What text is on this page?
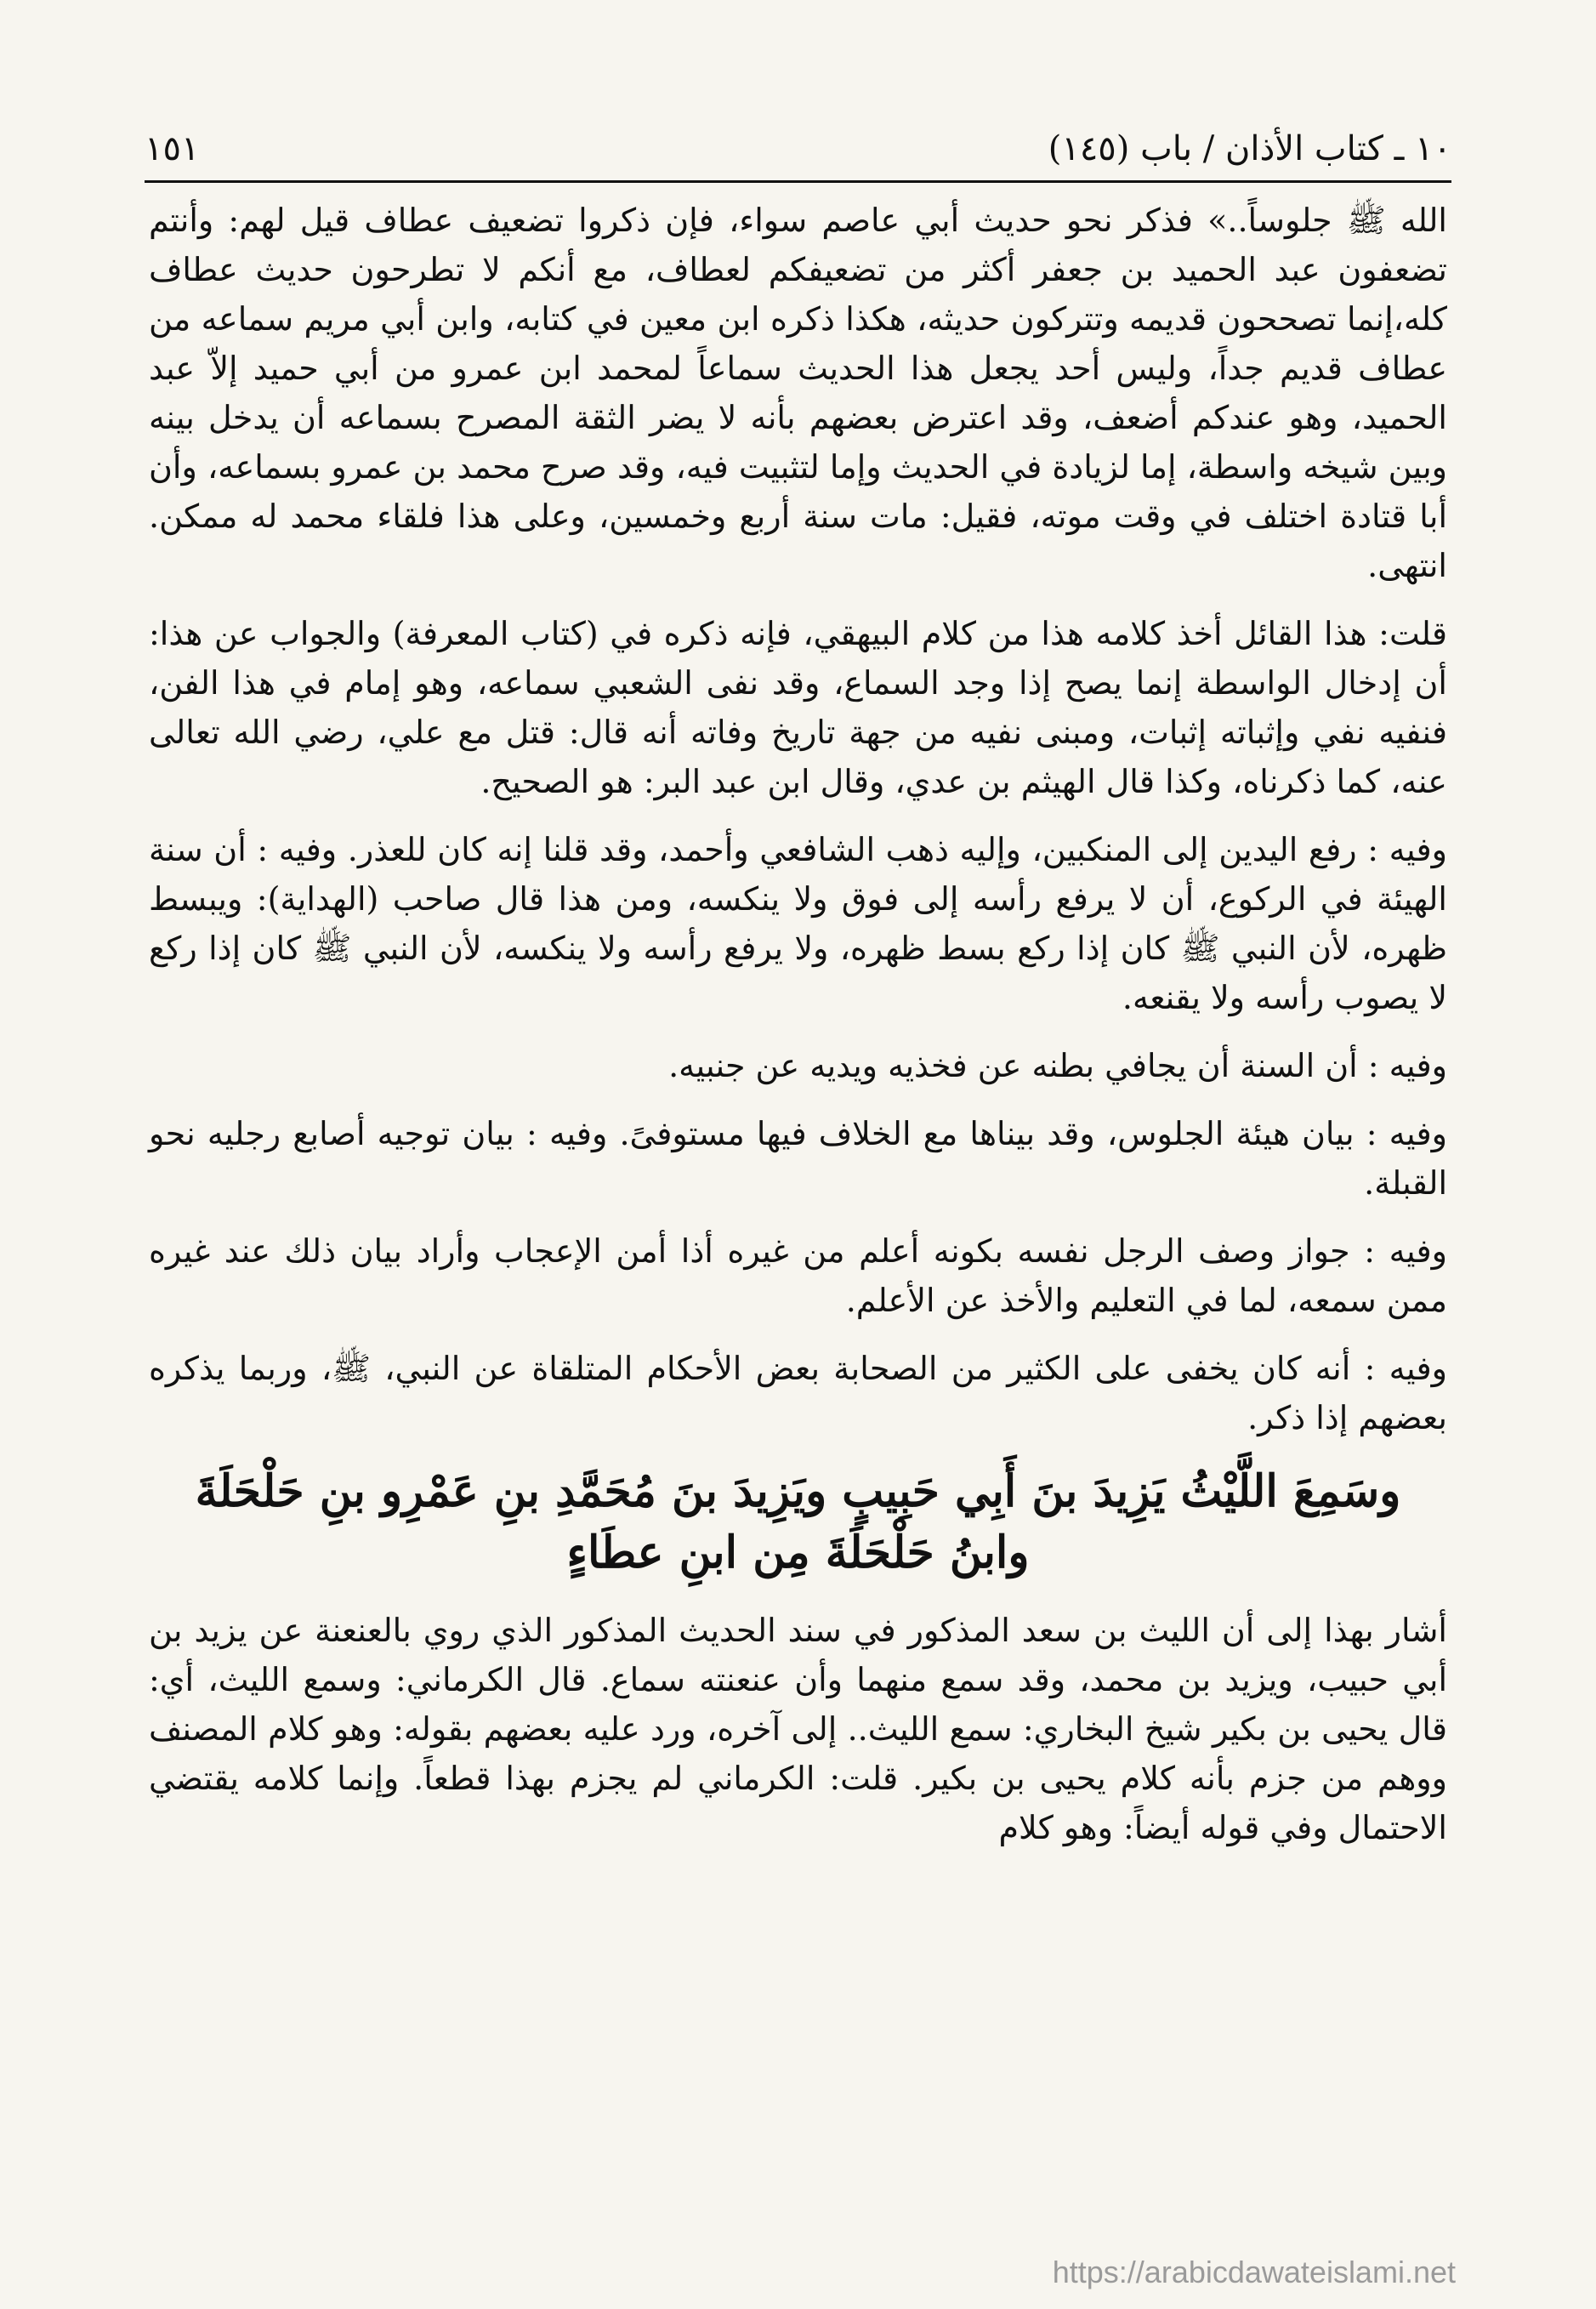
١٠ ـ كتاب الأذان / باب (١٤٥)
١٥١

الله ﷺ جلوساً..» فذكر نحو حديث أبي عاصم سواء، فإن ذكروا تضعيف عطاف قيل لهم: وأنتم تضعفون عبد الحميد بن جعفر أكثر من تضعيفكم لعطاف، مع أنكم لا تطرحون حديث عطاف كله،إنما تصححون قديمه وتتركون حديثه، هكذا ذكره ابن معين في كتابه، وابن أبي مريم سماعه من عطاف قديم جداً، وليس أحد يجعل هذا الحديث سماعاً لمحمد ابن عمرو من أبي حميد إلاّ عبد الحميد، وهو عندكم أضعف، وقد اعترض بعضهم بأنه لا يضر الثقة المصرح بسماعه أن يدخل بينه وبين شيخه واسطة، إما لزيادة في الحديث وإما لتثبيت فيه، وقد صرح محمد بن عمرو بسماعه، وأن أبا قتادة اختلف في وقت موته، فقيل: مات سنة أربع وخمسين، وعلى هذا فلقاء محمد له ممكن. انتهى.

قلت: هذا القائل أخذ كلامه هذا من كلام البيهقي، فإنه ذكره في (كتاب المعرفة) والجواب عن هذا: أن إدخال الواسطة إنما يصح إذا وجد السماع، وقد نفى الشعبي سماعه، وهو إمام في هذا الفن، فنفيه نفي وإثباته إثبات، ومبنى نفيه من جهة تاريخ وفاته أنه قال: قتل مع علي، رضي الله تعالى عنه، كما ذكرناه، وكذا قال الهيثم بن عدي، وقال ابن عبد البر: هو الصحيح.

وفيه : رفع اليدين إلى المنكبين، وإليه ذهب الشافعي وأحمد، وقد قلنا إنه كان للعذر. وفيه : أن سنة الهيئة في الركوع، أن لا يرفع رأسه إلى فوق ولا ينكسه، ومن هذا قال صاحب (الهداية): ويبسط ظهره، لأن النبي ﷺ كان إذا ركع بسط ظهره، ولا يرفع رأسه ولا ينكسه، لأن النبي ﷺ كان إذا ركع لا يصوب رأسه ولا يقنعه.

وفيه : أن السنة أن يجافي بطنه عن فخذيه ويديه عن جنبيه.

وفيه : بيان هيئة الجلوس، وقد بيناها مع الخلاف فيها مستوفىً. وفيه : بيان توجيه أصابع رجليه نحو القبلة.

وفيه : جواز وصف الرجل نفسه بكونه أعلم من غيره أذا أمن الإعجاب وأراد بيان ذلك عند غيره ممن سمعه، لما في التعليم والأخذ عن الأعلم.

وفيه : أنه كان يخفى على الكثير من الصحابة بعض الأحكام المتلقاة عن النبي، ﷺ، وربما يذكره بعضهم إذا ذكر.

وسَمِعَ اللَّيْثُ يَزِيدَ بنَ أَبِي حَبِيبٍ ويَزِيدَ بنَ مُحَمَّدِ بنِ عَمْرِو بنِ حَلْحَلَةَ وابنُ حَلْحَلَةَ مِن ابنِ عطَاءٍ

أشار بهذا إلى أن الليث بن سعد المذكور في سند الحديث المذكور الذي روي بالعنعنة عن يزيد بن أبي حبيب، ويزيد بن محمد، وقد سمع منهما وأن عنعنته سماع. قال الكرماني: وسمع الليث، أي: قال يحيى بن بكير شيخ البخاري: سمع الليث.. إلى آخره، ورد عليه بعضهم بقوله: وهو كلام المصنف ووهم من جزم بأنه كلام يحيى بن بكير. قلت: الكرماني لم يجزم بهذا قطعاً. وإنما كلامه يقتضي الاحتمال وفي قوله أيضاً: وهو كلام

https://arabicdawateislami.net
